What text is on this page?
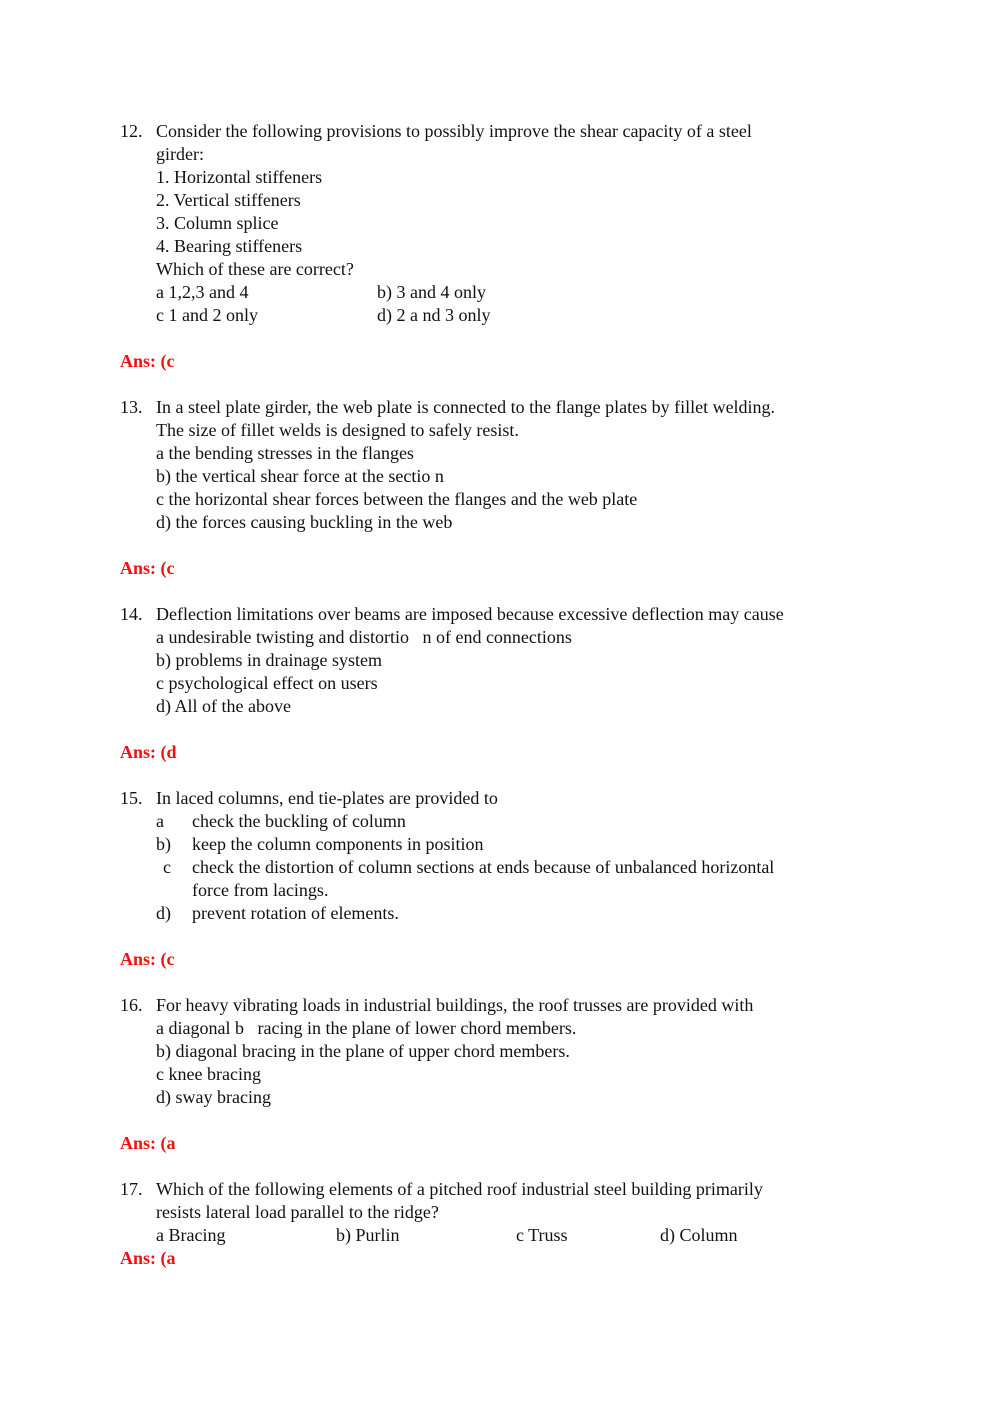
12. Consider the following provisions to possibly improve the shear capacity of a steel
girder:
1. Horizontal stiffeners
2. Vertical stiffeners
3. Column splice
4. Bearing stiffeners
Which of these are correct?
a 1,2,3 and 4	b) 3 and 4 only
c 1 and 2 only	d) 2 a nd 3 only
Ans: (c
13. In a steel plate girder, the web plate is connected to the flange plates by fillet welding.
The size of fillet welds is designed to safely resist.
a the bending stresses in the flanges
b) the vertical shear force at the sectio n
c the horizontal shear forces between the flanges and the web plate
d) the forces causing buckling in the web
Ans: (c
14. Deflection limitations over beams are imposed because excessive deflection may cause
a undesirable twisting and distortio   n of end connections
b) problems in drainage system
c psychological effect on users
d) All of the above
Ans: (d
15. In laced columns, end tie-plates are provided to
a check the buckling of column
b) keep the column components in position
c check the distortion of column sections at ends because of unbalanced horizontal
force from lacings.
d) prevent rotation of elements.
Ans: (c
16. For heavy vibrating loads in industrial buildings, the roof trusses are provided with
a diagonal b   racing in the plane of lower chord members.
b) diagonal bracing in the plane of upper chord members.
c knee bracing
d) sway bracing
Ans: (a
17. Which of the following elements of a pitched roof industrial steel building primarily
resists lateral load parallel to the ridge?
a Bracing	b) Purlin	c Truss	d) Column
Ans: (a
